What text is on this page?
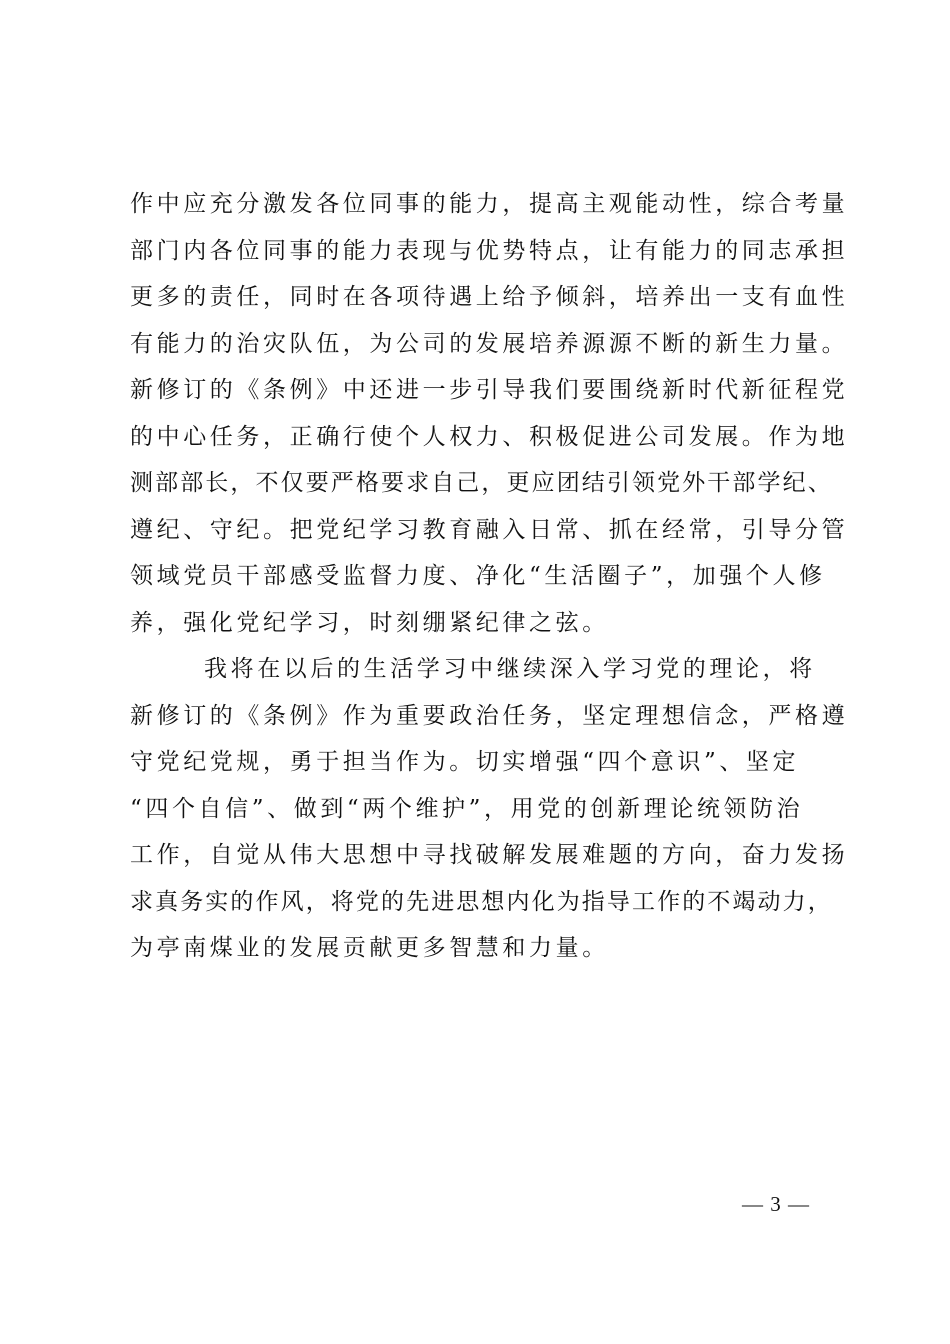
作中应充分激发各位同事的能力，提高主观能动性，综合考量
部门内各位同事的能力表现与优势特点，让有能力的同志承担
更多的责任，同时在各项待遇上给予倾斜，培养出一支有血性
有能力的治灾队伍，为公司的发展培养源源不断的新生力量。
新修订的《条例》中还进一步引导我们要围绕新时代新征程党
的中心任务，正确行使个人权力、积极促进公司发展。作为地
测部部长，不仅要严格要求自己，更应团结引领党外干部学纪、
遵纪、守纪。把党纪学习教育融入日常、抓在经常，引导分管
领域党员干部感受监督力度、净化“生活圈子”，加强个人修
养，强化党纪学习，时刻绷紧纪律之弦。
我将在以后的生活学习中继续深入学习党的理论，将
新修订的《条例》作为重要政治任务，坚定理想信念，严格遵
守党纪党规，勇于担当作为。切实增强“四个意识”、坚定
“四个自信”、做到“两个维护”，用党的创新理论统领防治
工作，自觉从伟大思想中寻找破解发展难题的方向，奋力发扬
求真务实的作风，将党的先进思想内化为指导工作的不竭动力，
为亭南煤业的发展贡献更多智慧和力量。
— 3 —
